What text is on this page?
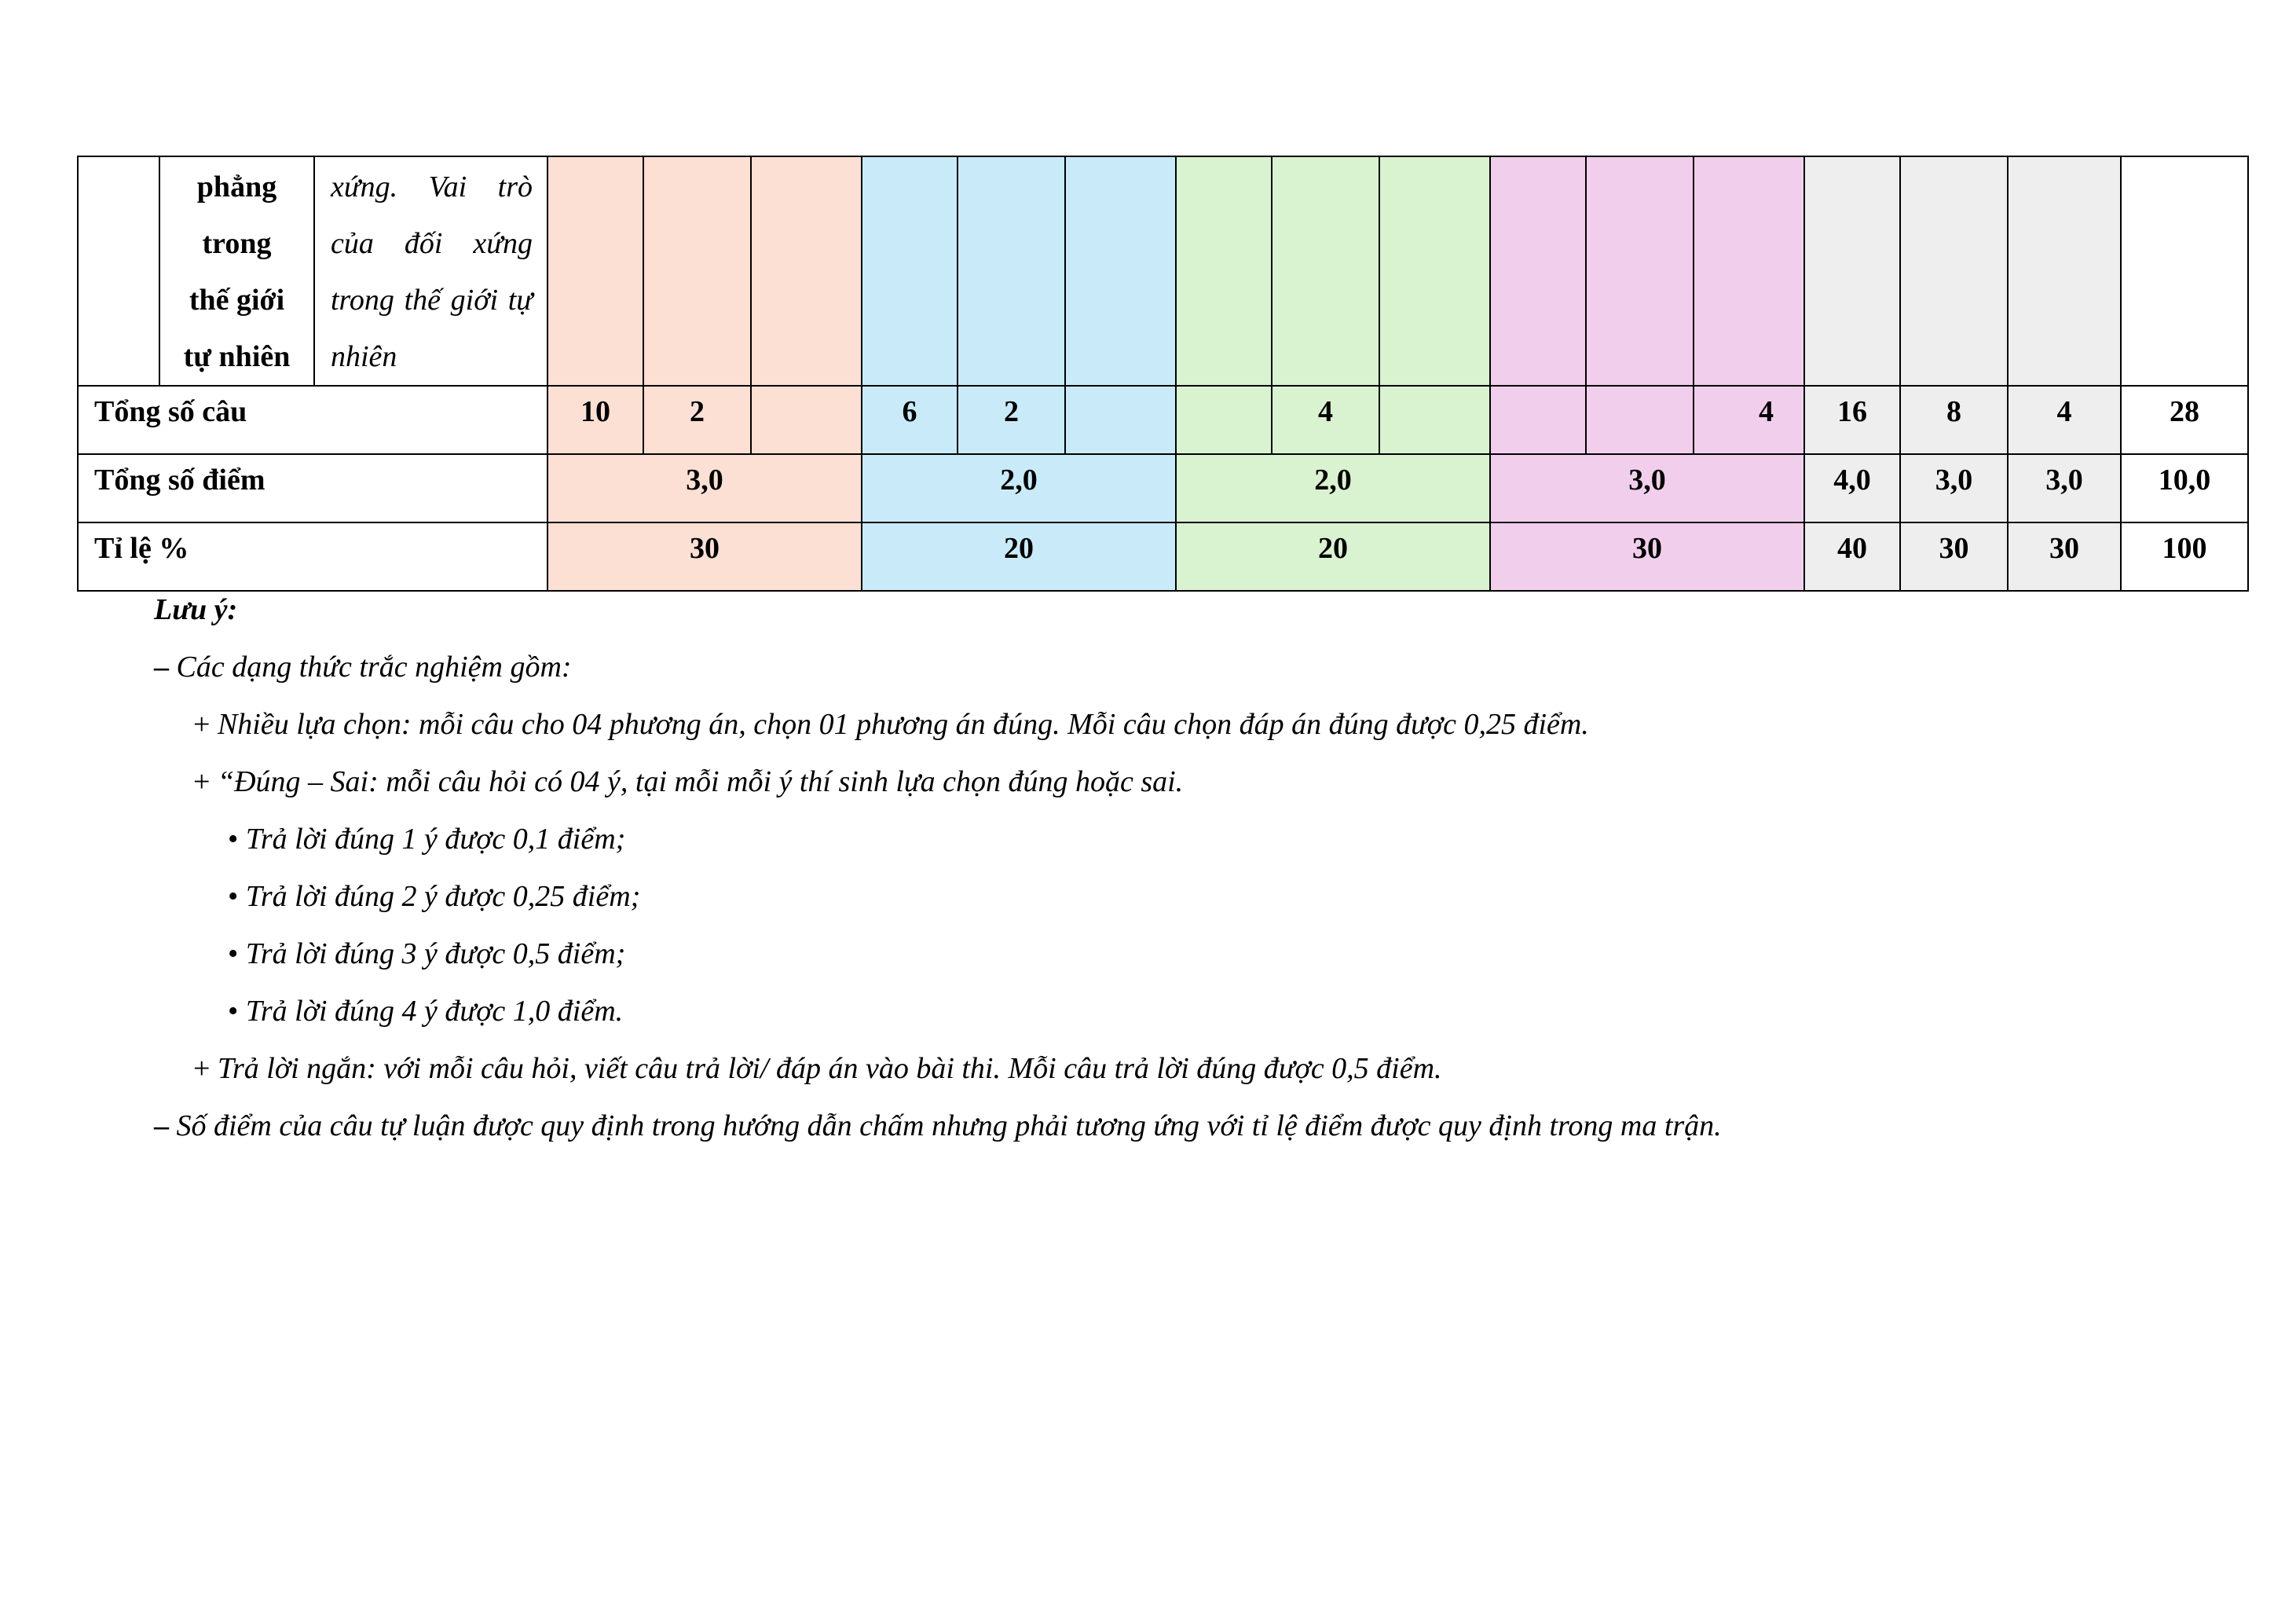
	phẳng
trong
thế giới
tự nhiên	xứng. Vai trò của đối xứng trong thế giới tự nhiên																
Tổng số câu			10	2		6	2			4				4	16	8	4	28
Tổng số điểm			3,0			2,0			2,0			3,0			4,0	3,0	3,0	10,0
Tỉ lệ %			30			20			20			30			40	30	30	100
Lưu ý:
– Các dạng thức trắc nghiệm gồm:
+ Nhiều lựa chọn: mỗi câu cho 04 phương án, chọn 01 phương án đúng. Mỗi câu chọn đáp án đúng được 0,25 điểm.
+ “Đúng – Sai: mỗi câu hỏi có 04 ý, tại mỗi mỗi ý thí sinh lựa chọn đúng hoặc sai.
• Trả lời đúng 1 ý được 0,1 điểm;
• Trả lời đúng 2 ý được 0,25 điểm;
• Trả lời đúng 3 ý được 0,5 điểm;
• Trả lời đúng 4 ý được 1,0 điểm.
+ Trả lời ngắn: với mỗi câu hỏi, viết câu trả lời/ đáp án vào bài thi. Mỗi câu trả lời đúng được 0,5 điểm.
– Số điểm của câu tự luận được quy định trong hướng dẫn chấm nhưng phải tương ứng với tỉ lệ điểm được quy định trong ma trận.
